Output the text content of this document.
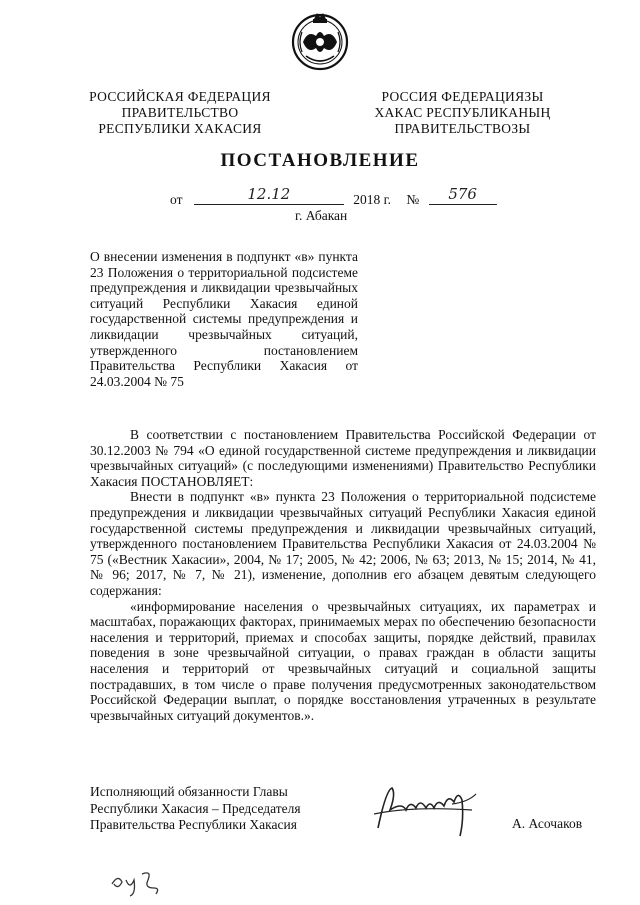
РОССИЙСКАЯ ФЕДЕРАЦИЯ
ПРАВИТЕЛЬСТВО
РЕСПУБЛИКИ ХАКАСИЯ
РОССИЯ ФЕДЕРАЦИЯЗЫ
ХАКАС РЕСПУБЛИКАНЫҢ
ПРАВИТЕЛЬСТВОЗЫ
ПОСТАНОВЛЕНИЕ
от	12.12	2018 г. № 576
г. Абакан
О внесении изменения в подпункт «в» пункта 23 Положения о территориальной подсистеме предупреждения и ликвидации чрезвычайных ситуаций Республики Хакасия единой государственной системы предупреждения и ликвидации чрезвычайных ситуаций, утвержденного постановлением Правительства Республики Хакасия от 24.03.2004 № 75

В соответствии с постановлением Правительства Российской Федерации от 30.12.2003 № 794 «О единой государственной системе предупреждения и ликвидации чрезвычайных ситуаций» (с последующими изменениями) Правительство Республики Хакасия ПОСТАНОВЛЯЕТ:

Внести в подпункт «в» пункта 23 Положения о территориальной подсистеме предупреждения и ликвидации чрезвычайных ситуаций Республики Хакасия единой государственной системы предупреждения и ликвидации чрезвычайных ситуаций, утвержденного постановлением Правительства Республики Хакасия от 24.03.2004 № 75 («Вестник Хакасии», 2004, № 17; 2005, № 42; 2006, № 63; 2013, № 15; 2014, № 41, № 96; 2017, № 7, № 21), изменение, дополнив его абзацем девятым следующего содержания:

«информирование населения о чрезвычайных ситуациях, их параметрах и масштабах, поражающих факторах, принимаемых мерах по обеспечению безопасности населения и территорий, приемах и способах защиты, порядке действий, правилах поведения в зоне чрезвычайной ситуации, о правах граждан в области защиты населения и территорий от чрезвычайных ситуаций и социальной защиты пострадавших, в том числе о праве получения предусмотренных законодательством Российской Федерации выплат, о порядке восстановления утраченных в результате чрезвычайных ситуаций документов.».

Исполняющий обязанности Главы
Республики Хакасия – Председателя
Правительства Республики Хакасия	А. Асочаков
